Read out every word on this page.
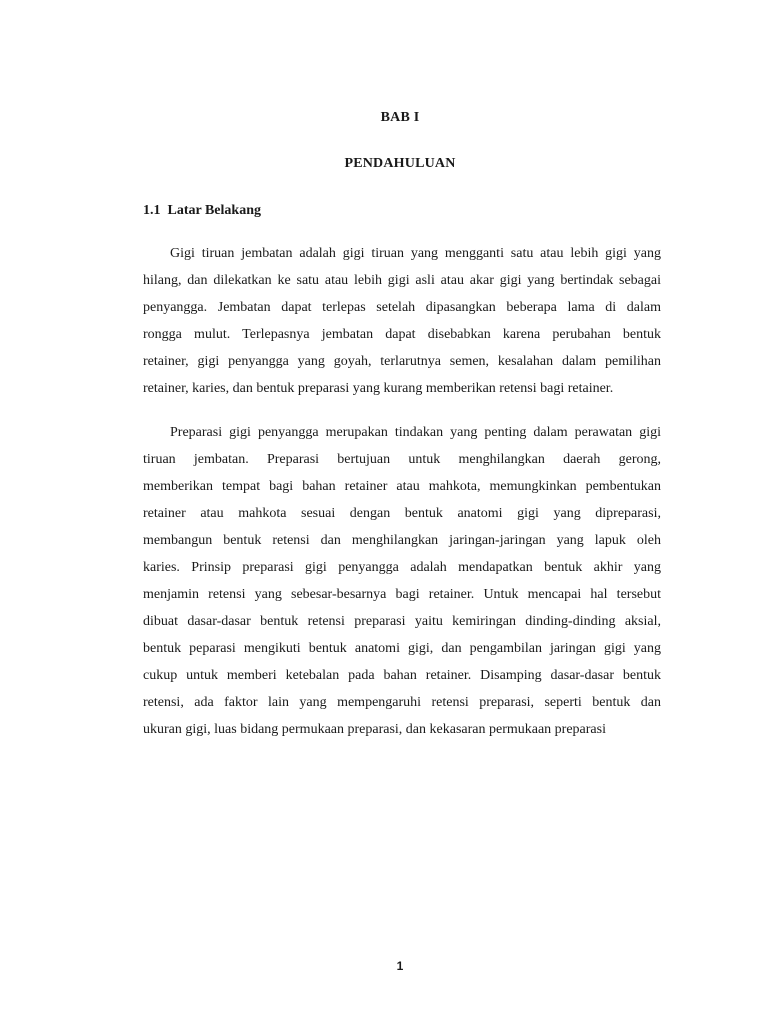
BAB I
PENDAHULUAN
1.1 Latar Belakang
Gigi tiruan jembatan adalah gigi tiruan yang mengganti satu atau lebih gigi yang
hilang, dan dilekatkan ke satu atau lebih gigi asli atau akar gigi yang bertindak sebagai
penyangga. Jembatan dapat terlepas setelah dipasangkan beberapa lama di dalam
rongga mulut. Terlepasnya jembatan dapat disebabkan karena perubahan bentuk
retainer, gigi penyangga yang goyah, terlarutnya semen, kesalahan dalam pemilihan
retainer, karies, dan bentuk preparasi yang kurang memberikan retensi bagi retainer.
Preparasi gigi penyangga merupakan tindakan yang penting dalam perawatan gigi
tiruan jembatan. Preparasi bertujuan untuk menghilangkan daerah gerong,
memberikan tempat bagi bahan retainer atau mahkota, memungkinkan pembentukan
retainer atau mahkota sesuai dengan bentuk anatomi gigi yang dipreparasi,
membangun bentuk retensi dan menghilangkan jaringan-jaringan yang lapuk oleh
karies. Prinsip preparasi gigi penyangga adalah mendapatkan bentuk akhir yang
menjamin retensi yang sebesar-besarnya bagi retainer. Untuk mencapai hal tersebut
dibuat dasar-dasar bentuk retensi preparasi yaitu kemiringan dinding-dinding aksial,
bentuk peparasi mengikuti bentuk anatomi gigi, dan pengambilan jaringan gigi yang
cukup untuk memberi ketebalan pada bahan retainer. Disamping dasar-dasar bentuk
retensi, ada faktor lain yang mempengaruhi retensi preparasi, seperti bentuk dan
ukuran gigi, luas bidang permukaan preparasi, dan kekasaran permukaan preparasi
1
